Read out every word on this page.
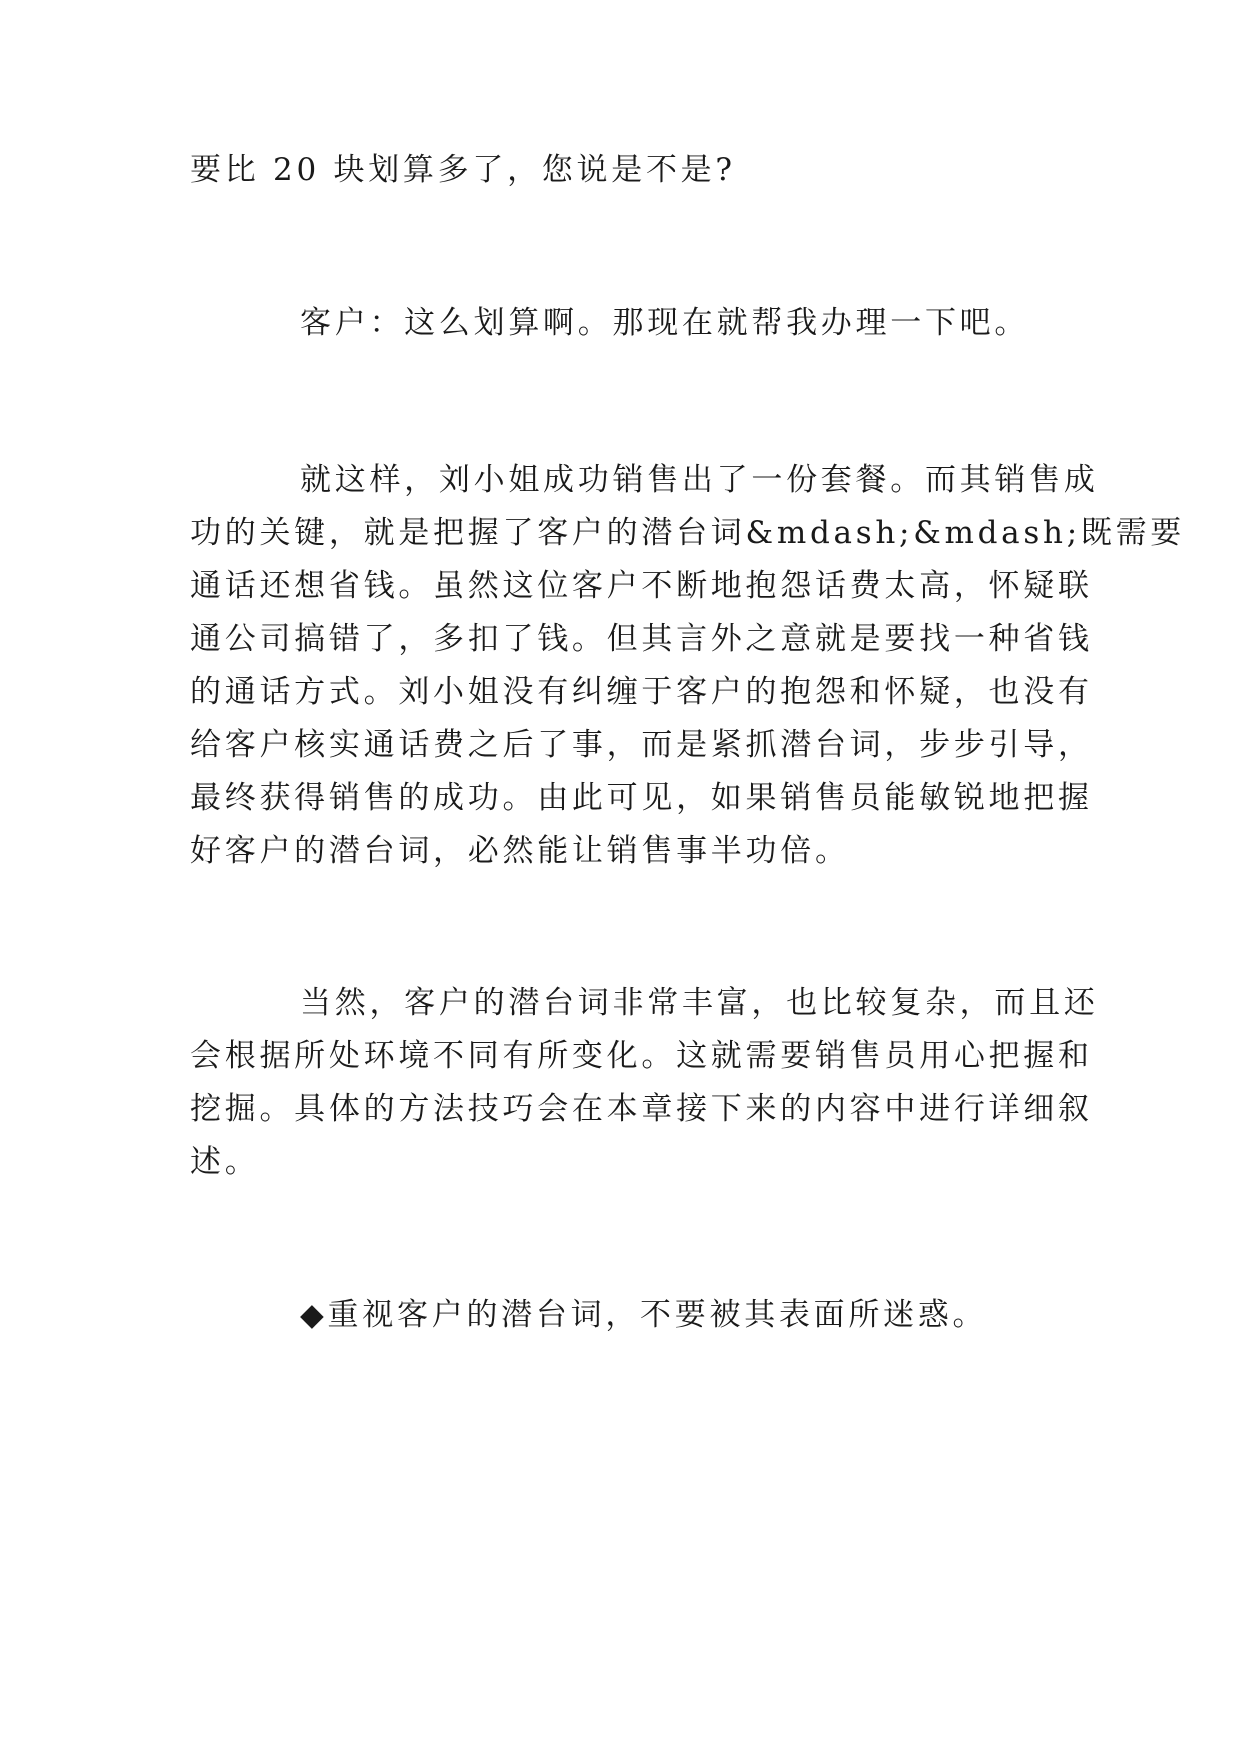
要比 20 块划算多了，您说是不是?
客户：这么划算啊。那现在就帮我办理一下吧。
就这样，刘小姐成功销售出了一份套餐。而其销售成
功的关键，就是把握了客户的潜台词&mdash;&mdash;既需要
通话还想省钱。虽然这位客户不断地抱怨话费太高，怀疑联
通公司搞错了，多扣了钱。但其言外之意就是要找一种省钱
的通话方式。刘小姐没有纠缠于客户的抱怨和怀疑，也没有
给客户核实通话费之后了事，而是紧抓潜台词，步步引导，
最终获得销售的成功。由此可见，如果销售员能敏锐地把握
好客户的潜台词，必然能让销售事半功倍。
当然，客户的潜台词非常丰富，也比较复杂，而且还
会根据所处环境不同有所变化。这就需要销售员用心把握和
挖掘。具体的方法技巧会在本章接下来的内容中进行详细叙
述。
◆重视客户的潜台词，不要被其表面所迷惑。
